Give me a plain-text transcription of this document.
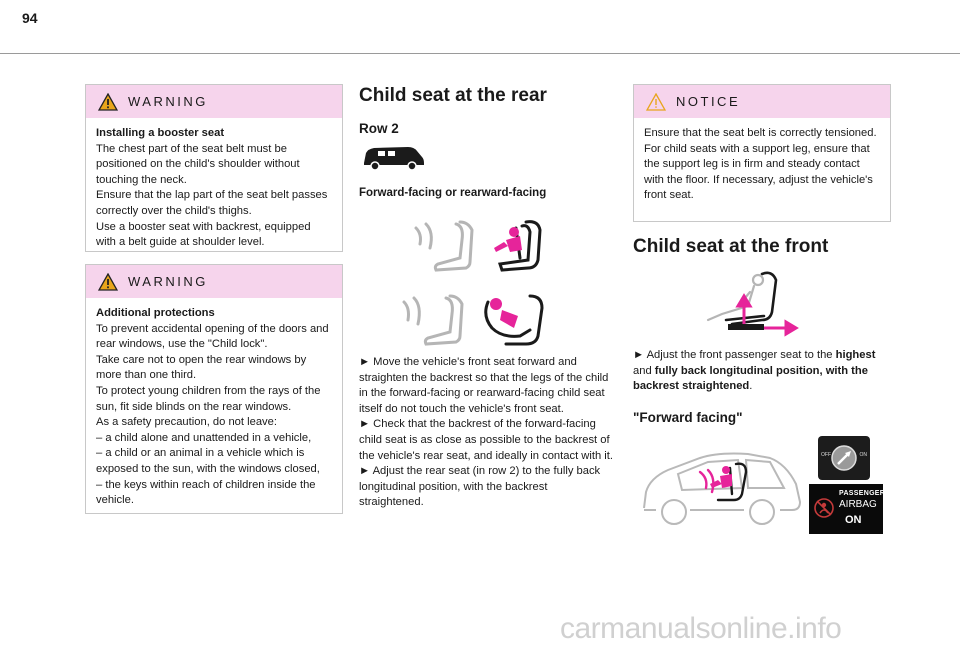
94
WARNING

Installing a booster seat

The chest part of the seat belt must be positioned on the child's shoulder without touching the neck.

Ensure that the lap part of the seat belt passes correctly over the child's thighs.

Use a booster seat with backrest, equipped with a belt guide at shoulder level.

WARNING

Additional protections

To prevent accidental opening of the doors and rear windows, use the "Child lock".

Take care not to open the rear windows by more than one third.

To protect young children from the rays of the sun, fit side blinds on the rear windows.

As a safety precaution, do not leave:

– a child alone and unattended in a vehicle,

– a child or an animal in a vehicle which is exposed to the sun, with the windows closed,

– the keys within reach of children inside the vehicle.

Child seat at the rear
Row 2
Forward-facing or rearward-facing

► Move the vehicle's front seat forward and straighten the backrest so that the legs of the child in the forward-facing or rearward-facing child seat itself do not touch the vehicle's front seat.

► Check that the backrest of the forward-facing child seat is as close as possible to the backrest of the vehicle's rear seat, and ideally in contact with it.

► Adjust the rear seat (in row 2) to the fully back longitudinal position, with the backrest straightened.

NOTICE

Ensure that the seat belt is correctly tensioned.

For child seats with a support leg, ensure that the support leg is in firm and steady contact with the floor. If necessary, adjust the vehicle's front seat.

Child seat at the front

► Adjust the front passenger seat to the highest and fully back longitudinal position, with the backrest straightened.

"Forward facing"
OFF	ON
PASSENGER
AIRBAG
ON
carmanualsonline.info
